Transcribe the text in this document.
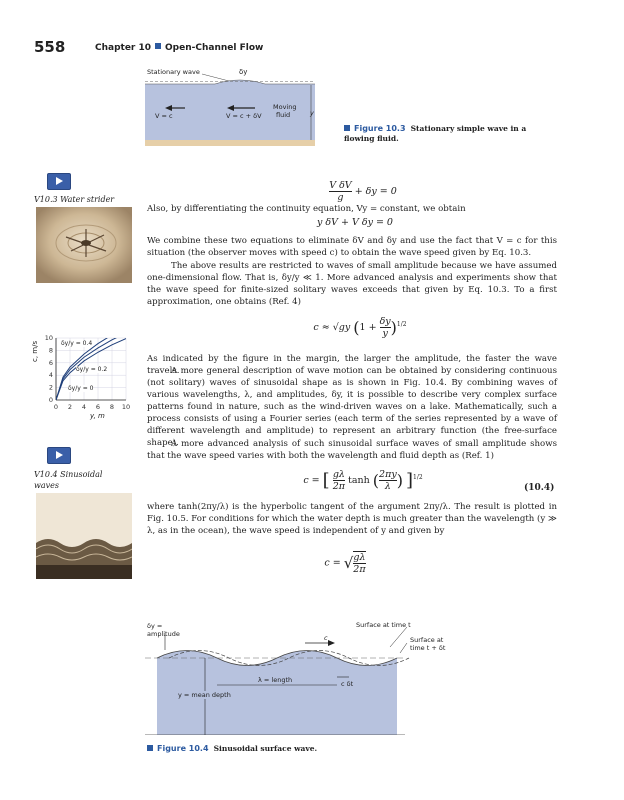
558	Chapter 10 Open-Channel Flow
Stationary wave	δy
V = c	V = c + δV
Moving
fluid	y
Figure 10.3 Stationary simple wave in a flowing fluid.
V10.3 Water strider
0 2 4 6 8 10
0
2
4
6
8
10
c, m/s
y, m
δy/y = 0.4
δy/y = 0.2
δy/y = 0
V10.4 Sinusoidal waves
$\frac{\text{V δV}}{g} + \delta y = 0$
Also, by differentiating the continuity equation, Vy = constant, we obtain
y δV + V δy = 0
We combine these two equations to eliminate δV and δy and use the fact that V = c for this situation (the observer moves with speed c) to obtain the wave speed given by Eq. 10.3.
The above results are restricted to waves of small amplitude because we have assumed one-dimensional flow. That is, δy/y ≪ 1. More advanced analysis and experiments show that the wave speed for finite-sized solitary waves exceeds that given by Eq. 10.3. To a first approximation, one obtains (Ref. 4)
c ≈ √gy $(1 + \frac{\delta y}{y} )^{1/2}$
As indicated by the figure in the margin, the larger the amplitude, the faster the wave travels.
A more general description of wave motion can be obtained by considering continuous (not solitary) waves of sinusoidal shape as is shown in Fig. 10.4. By combining waves of various wavelengths, λ, and amplitudes, δy, it is possible to describe very complex surface patterns found in nature, such as the wind-driven waves on a lake. Mathematically, such a process consists of using a Fourier series (each term of the series represented by a wave of different wavelength and amplitude) to represent an arbitrary function (the free-surface shape).
A more advanced analysis of such sinusoidal surface waves of small amplitude shows that the wave speed varies with both the wavelength and fluid depth as (Ref. 1)
c = [ $\frac{g\lambda}{2\pi}$ tanh ( $\frac{2\pi y}{\lambda}$ ) ]$^{1/2}$
(10.4)
where tanh(2πy/λ) is the hyperbolic tangent of the argument 2πy/λ. The result is plotted in Fig. 10.5. For conditions for which the water depth is much greater than the wavelength (y ≫ λ, as in the ocean), the wave speed is independent of y and given by
c = √ $\frac{g\lambda}{2\pi}$
δy =
amplitude	c
Surface at time t
Surface at
time t + δt
λ = length	c δt
y = mean depth
Figure 10.4 Sinusoidal surface wave.
